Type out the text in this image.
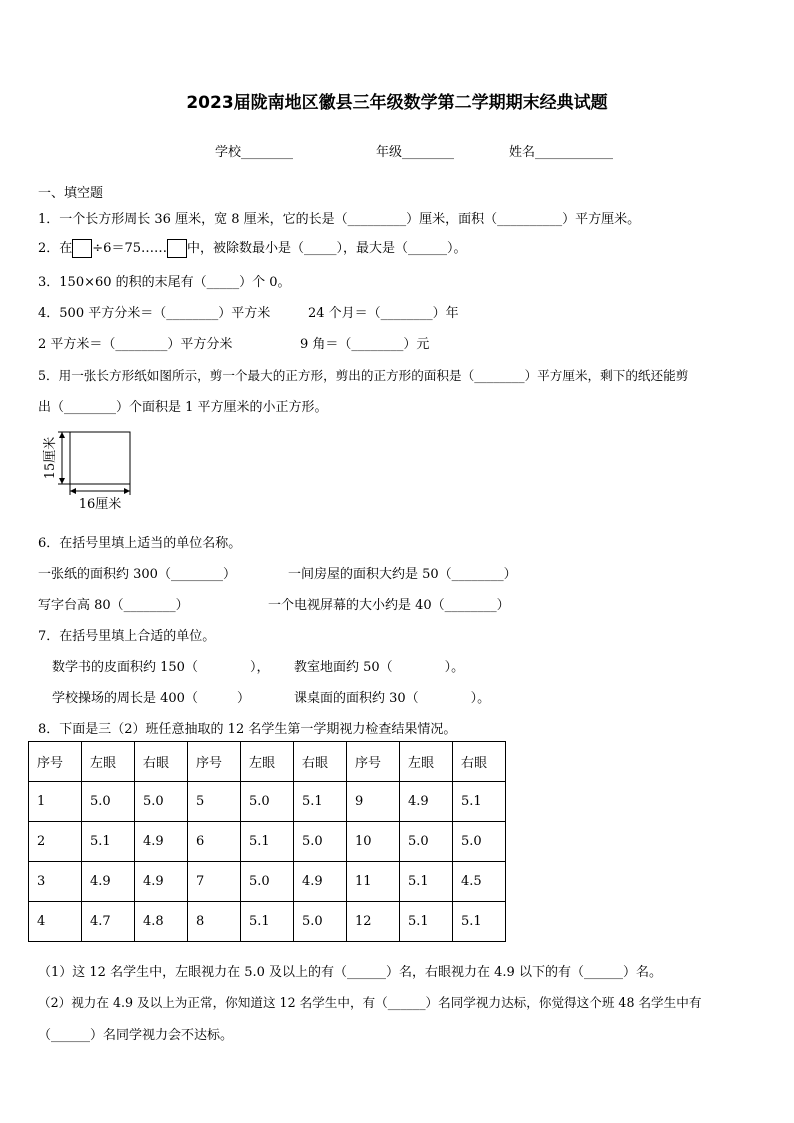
2023届陇南地区徽县三年级数学第二学期期末经典试题
学校________	年级________	姓名____________
一、填空题
1．一个长方形周长 36 厘米，宽 8 厘米，它的长是（_________）厘米，面积（__________）平方厘米。
2．在 ÷6＝75…… 中，被除数最小是（_____），最大是（______）。
3．150×60 的积的末尾有（_____）个 0。
4．500 平方分米＝（________）平方米	24 个月＝（________）年
2 平方米＝（________）平方分米	9 角＝（________）元
5．用一张长方形纸如图所示，剪一个最大的正方形，剪出的正方形的面积是（________）平方厘米，剩下的纸还能剪
出（________）个面积是 1 平方厘米的小正方形。
15厘米
16厘米
6．在括号里填上适当的单位名称。
一张纸的面积约 300（________）	一间房屋的面积大约是 50（________）
写字台高 80（________）	一个电视屏幕的大小约是 40（________）
7．在括号里填上合适的单位。
数学书的皮面积约 150（　　　　）， 教室地面约 50（　　　　）。
学校操场的周长是 400（　　　）	课桌面的面积约 30（　　　　）。
8．下面是三（2）班任意抽取的 12 名学生第一学期视力检查结果情况。
序号	左眼	右眼	序号	左眼	右眼	序号	左眼	右眼
1	5.0	5.0	5	5.0	5.1	9	4.9	5.1
2	5.1	4.9	6	5.1	5.0	10	5.0	5.0
3	4.9	4.9	7	5.0	4.9	11	5.1	4.5
4	4.7	4.8	8	5.1	5.0	12	5.1	5.1
（1）这 12 名学生中，左眼视力在 5.0 及以上的有（______）名，右眼视力在 4.9 以下的有（______）名。
（2）视力在 4.9 及以上为正常，你知道这 12 名学生中，有（______）名同学视力达标，你觉得这个班 48 名学生中有
（______）名同学视力会不达标。
